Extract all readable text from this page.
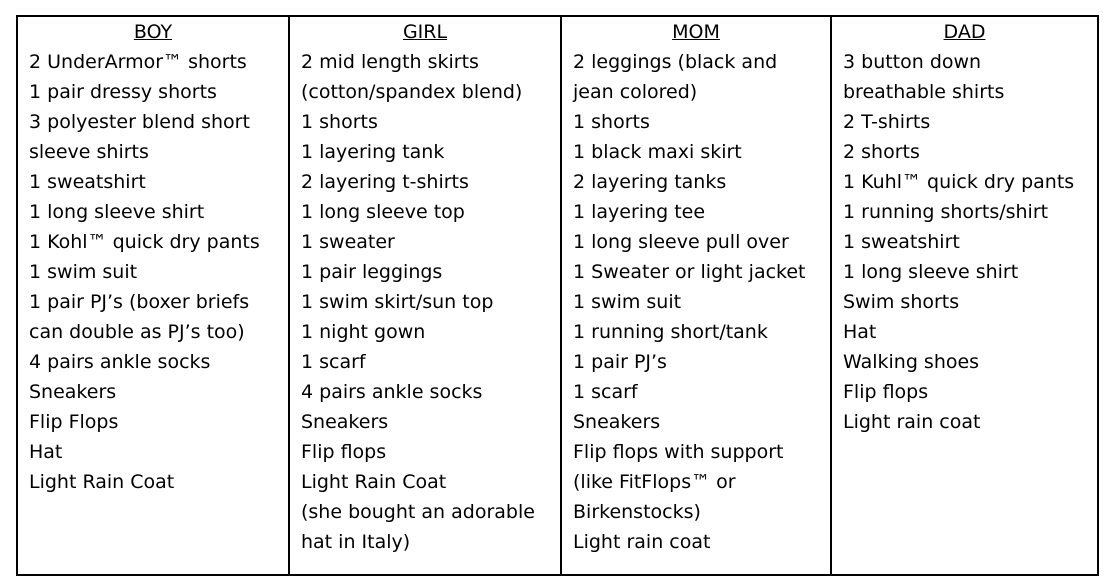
BOY
2 UnderArmor™ shorts
1 pair dressy shorts
3 polyester blend short
sleeve shirts
1 sweatshirt
1 long sleeve shirt
1 Kohl™ quick dry pants
1 swim suit
1 pair PJ’s (boxer briefs
can double as PJ’s too)
4 pairs ankle socks
Sneakers
Flip Flops
Hat
Light Rain Coat
GIRL
2 mid length skirts
(cotton/spandex blend)
1 shorts
1 layering tank
2 layering t-shirts
1 long sleeve top
1 sweater
1 pair leggings
1 swim skirt/sun top
1 night gown
1 scarf
4 pairs ankle socks
Sneakers
Flip flops
Light Rain Coat
(she bought an adorable
hat in Italy)
MOM
2 leggings (black and
jean colored)
1 shorts
1 black maxi skirt
2 layering tanks
1 layering tee
1 long sleeve pull over
1 Sweater or light jacket
1 swim suit
1 running short/tank
1 pair PJ’s
1 scarf
Sneakers
Flip flops with support
(like FitFlops™ or
Birkenstocks)
Light rain coat
DAD
3 button down
breathable shirts
2 T-shirts
2 shorts
1 Kuhl™ quick dry pants
1 running shorts/shirt
1 sweatshirt
1 long sleeve shirt
Swim shorts
Hat
Walking shoes
Flip flops
Light rain coat
